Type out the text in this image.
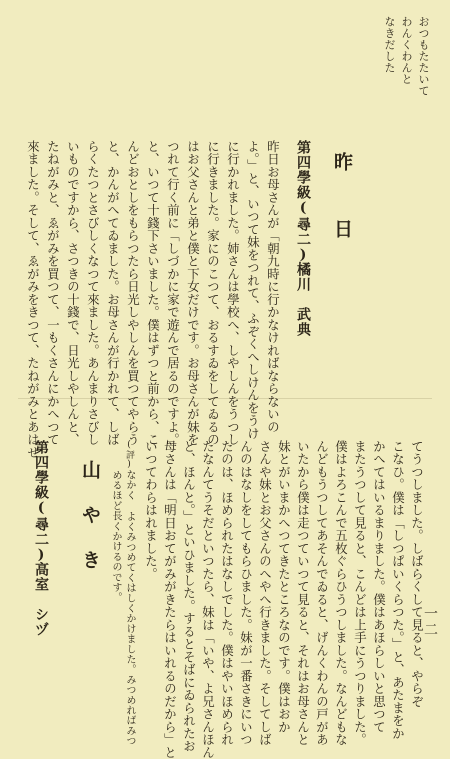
一二
おつもたたいて
わんくわんと
なきだした
昨日
第四學級(尋二)
橘川　武典
昨日お母さんが「朝九時に行かなければならないの
よ。」と、いつて妹をつれて、ふぞくへしけんをうけ
に行かれました。姉さんは學校へ、しやしんをうつし
に行きました。家にのこつて、おるすゐをしてゐるの
はお父さんと弟と僕と下女だけです。お母さんが妹を
つれて行く前に「しづかに家で遊んで居るのですよ。」
と、いつて十錢下さいました。僕はずつと前から、こ
んどおとしをもらつたら日光しやしんを買つてやらう
と、かんがへてゐました。お母さんが行かれて、しば
らくたつとさびしくなつて來ました。あんまりさびし
いものですから、さつきの十錢で、日光しやしんと、
たねがみと、ゑがみを買つて、一もくさんにかへつて
來ました。そして、ゑがみをきつて、たねがみとあはせ
てうつしました。しばらくして見ると、やらぞ
こなひ。僕は「しつぱいくらつた。」と、あたまをか
かへてはいるまりました。僕はあほらしいと思つて
またうつして見ると、こんどは上手にうつりました。
僕はよろこんで五枚ぐらひうつしました。なんどもな
んどもうつしてあそんでゐると、げんくわんの戸があ
いたから僕は走つていつて見ると、それはお母さんと
妹とがいまかへつてきたところなのです。僕はおか
さんや妹とお父さんのへやへ行きました。そしてしば
んのはなしをしてもらひました。妹が一番さきにいつ
たのは、ほめられたはなしでした。僕はやいほめられ
たなんてうそだといつたら、妹は「いや、よ兄さんほん
と、ほんと。」といひました。するとそばにゐられたお
母さんは「明日おてがみがきたらはいれるのだから」と
いつてわらはれました。
(評)なかく よくみつめてくはしくかけました。みつめればみつ
めるほど長くかけるのです。
山やき
第四學級(尋二)
高室　シヅ
